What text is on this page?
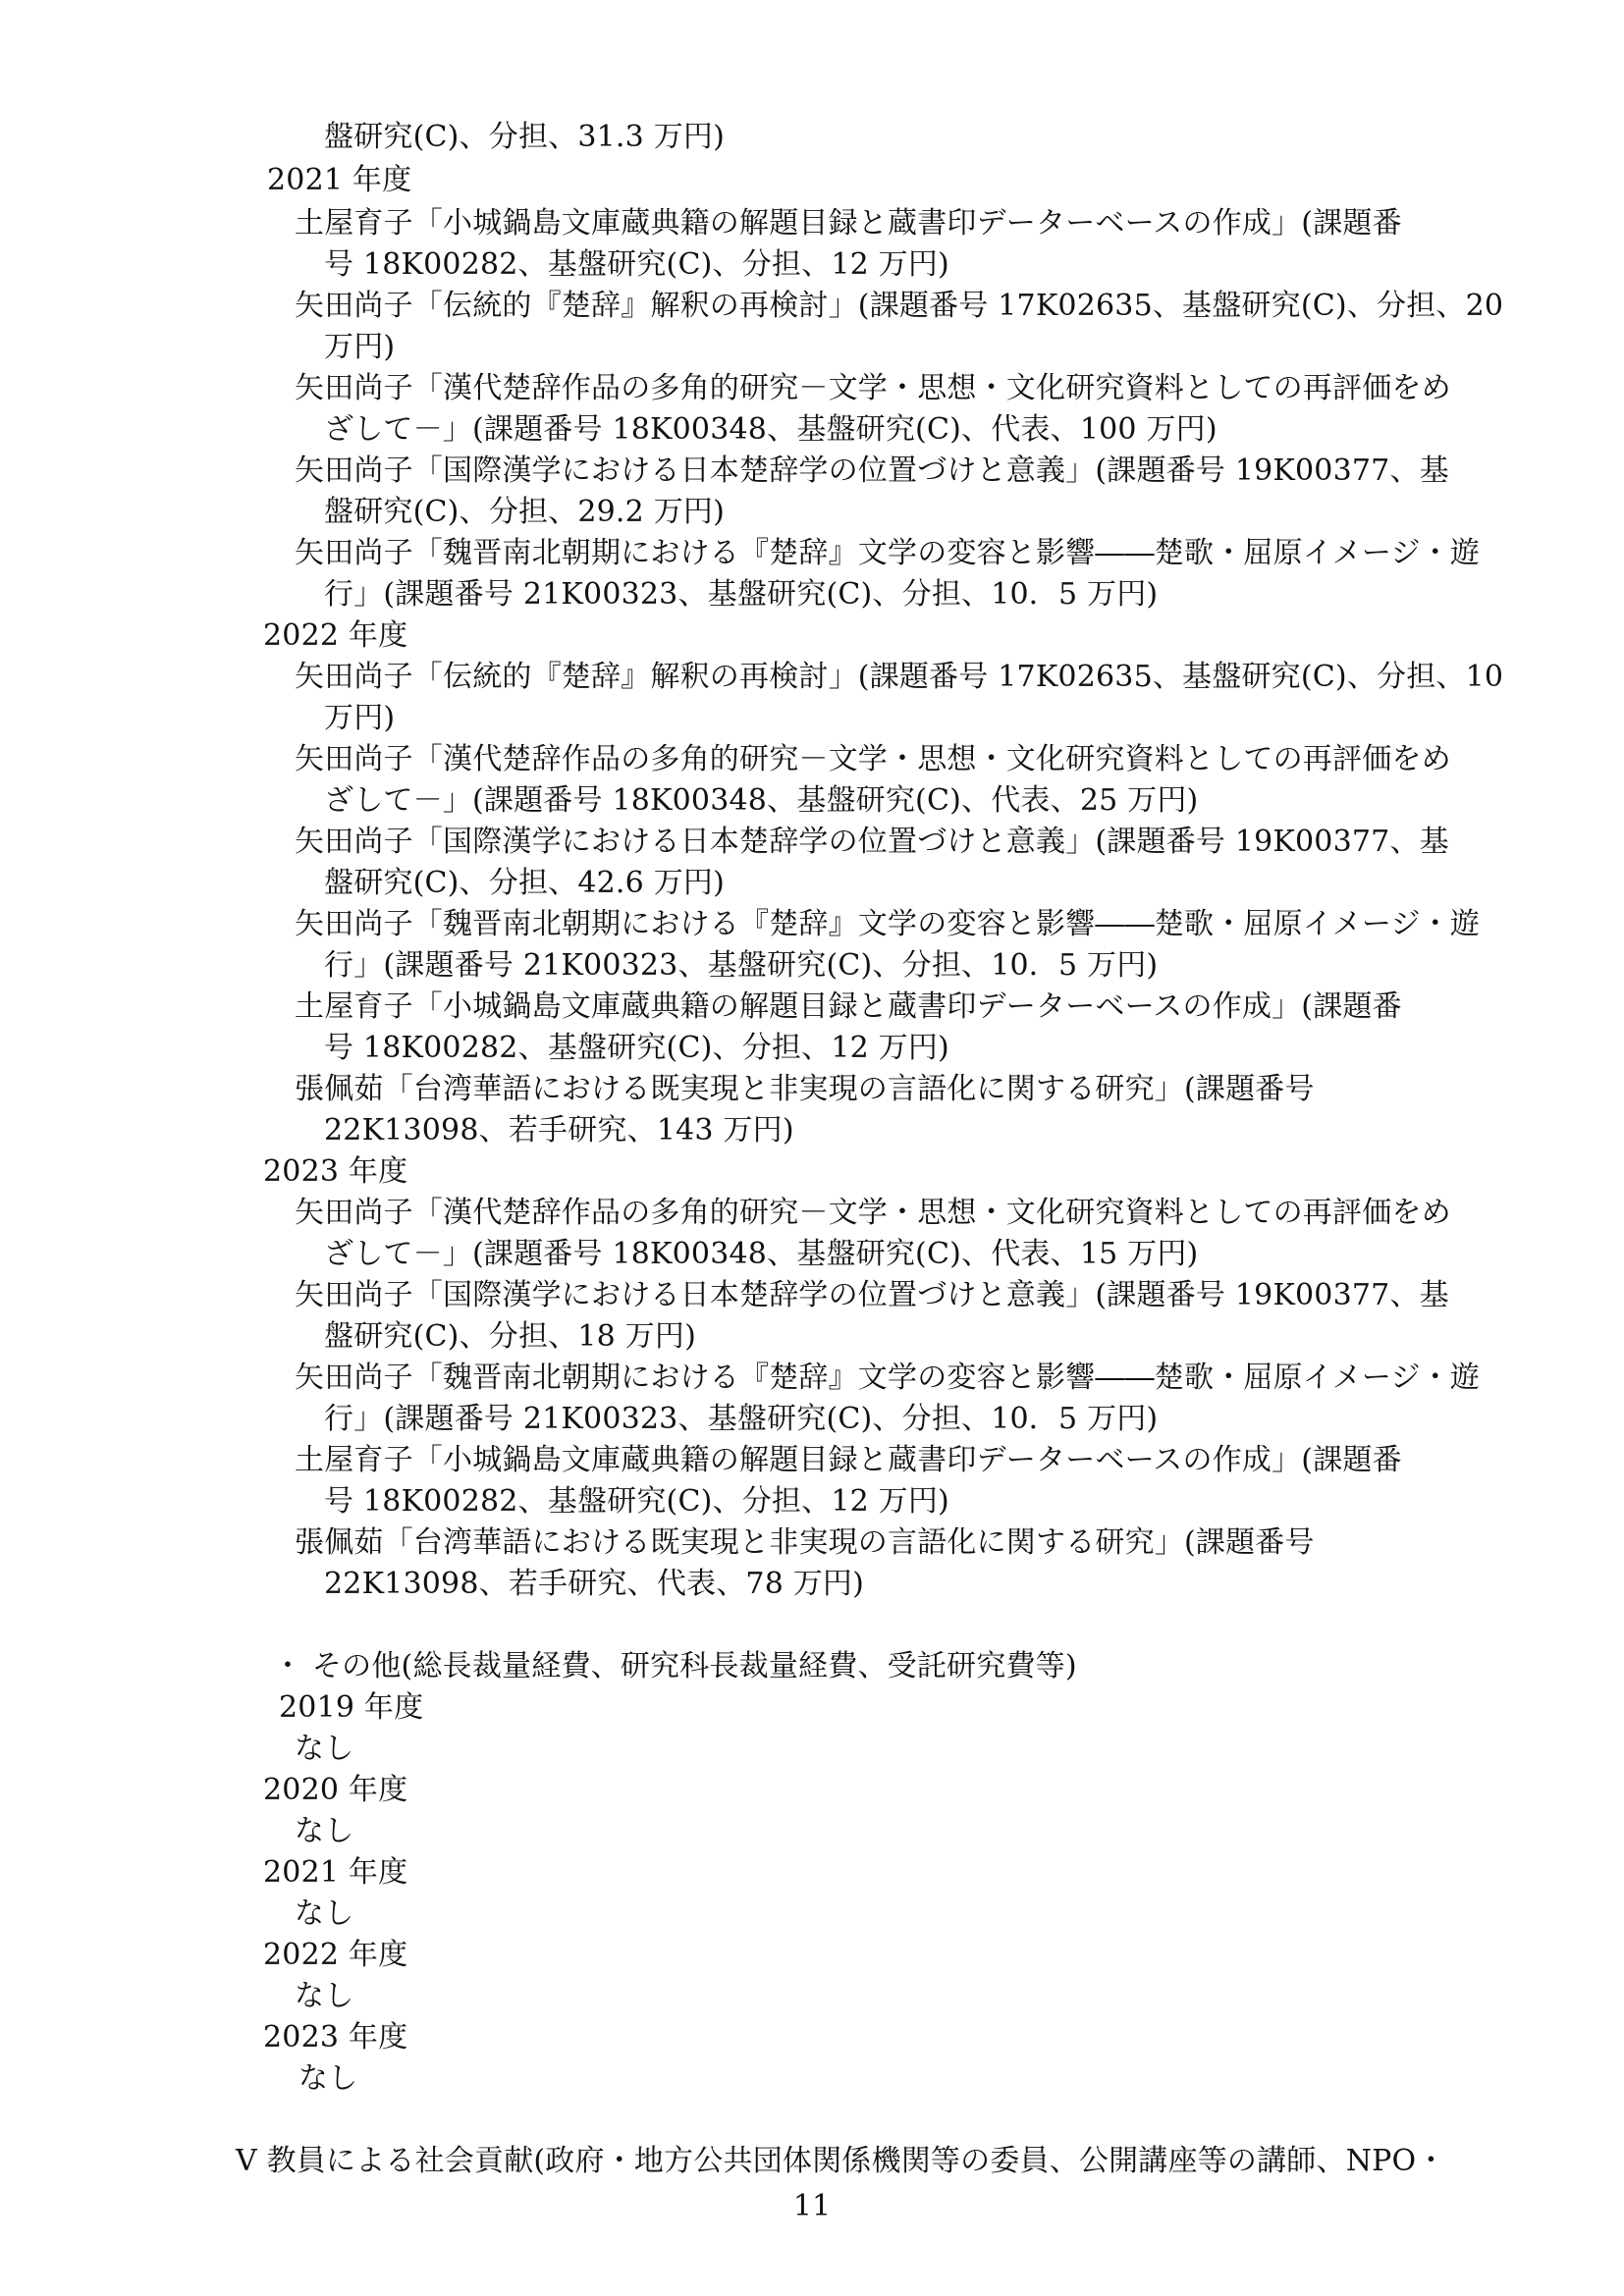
盤研究(C)、分担、31.3 万円)
2021 年度
土屋育子「小城鍋島文庫蔵典籍の解題目録と蔵書印データーベースの作成」(課題番
号 18K00282、基盤研究(C)、分担、12 万円)
矢田尚子「伝統的『楚辞』解釈の再検討」(課題番号 17K02635、基盤研究(C)、分担、20
万円)
矢田尚子「漢代楚辞作品の多角的研究－文学・思想・文化研究資料としての再評価をめ
ざして－」(課題番号 18K00348、基盤研究(C)、代表、100 万円)
矢田尚子「国際漢学における日本楚辞学の位置づけと意義」(課題番号 19K00377、基
盤研究(C)、分担、29.2 万円)
矢田尚子「魏晋南北朝期における『楚辞』文学の変容と影響――楚歌・屈原イメージ・遊
行」(課題番号 21K00323、基盤研究(C)、分担、10．5 万円)
2022 年度
矢田尚子「伝統的『楚辞』解釈の再検討」(課題番号 17K02635、基盤研究(C)、分担、10
万円)
矢田尚子「漢代楚辞作品の多角的研究－文学・思想・文化研究資料としての再評価をめ
ざして－」(課題番号 18K00348、基盤研究(C)、代表、25 万円)
矢田尚子「国際漢学における日本楚辞学の位置づけと意義」(課題番号 19K00377、基
盤研究(C)、分担、42.6 万円)
矢田尚子「魏晋南北朝期における『楚辞』文学の変容と影響――楚歌・屈原イメージ・遊
行」(課題番号 21K00323、基盤研究(C)、分担、10．5 万円)
土屋育子「小城鍋島文庫蔵典籍の解題目録と蔵書印データーベースの作成」(課題番
号 18K00282、基盤研究(C)、分担、12 万円)
張佩茹「台湾華語における既実現と非実現の言語化に関する研究」(課題番号
22K13098、若手研究、143 万円)
2023 年度
矢田尚子「漢代楚辞作品の多角的研究－文学・思想・文化研究資料としての再評価をめ
ざして－」(課題番号 18K00348、基盤研究(C)、代表、15 万円)
矢田尚子「国際漢学における日本楚辞学の位置づけと意義」(課題番号 19K00377、基
盤研究(C)、分担、18 万円)
矢田尚子「魏晋南北朝期における『楚辞』文学の変容と影響――楚歌・屈原イメージ・遊
行」(課題番号 21K00323、基盤研究(C)、分担、10．5 万円)
土屋育子「小城鍋島文庫蔵典籍の解題目録と蔵書印データーベースの作成」(課題番
号 18K00282、基盤研究(C)、分担、12 万円)
張佩茹「台湾華語における既実現と非実現の言語化に関する研究」(課題番号
22K13098、若手研究、代表、78 万円)
・ その他(総長裁量経費、研究科長裁量経費、受託研究費等)
2019 年度
なし
2020 年度
なし
2021 年度
なし
2022 年度
なし
2023 年度
なし
Ⅴ 教員による社会貢献(政府・地方公共団体関係機関等の委員、公開講座等の講師、NPO・
11
